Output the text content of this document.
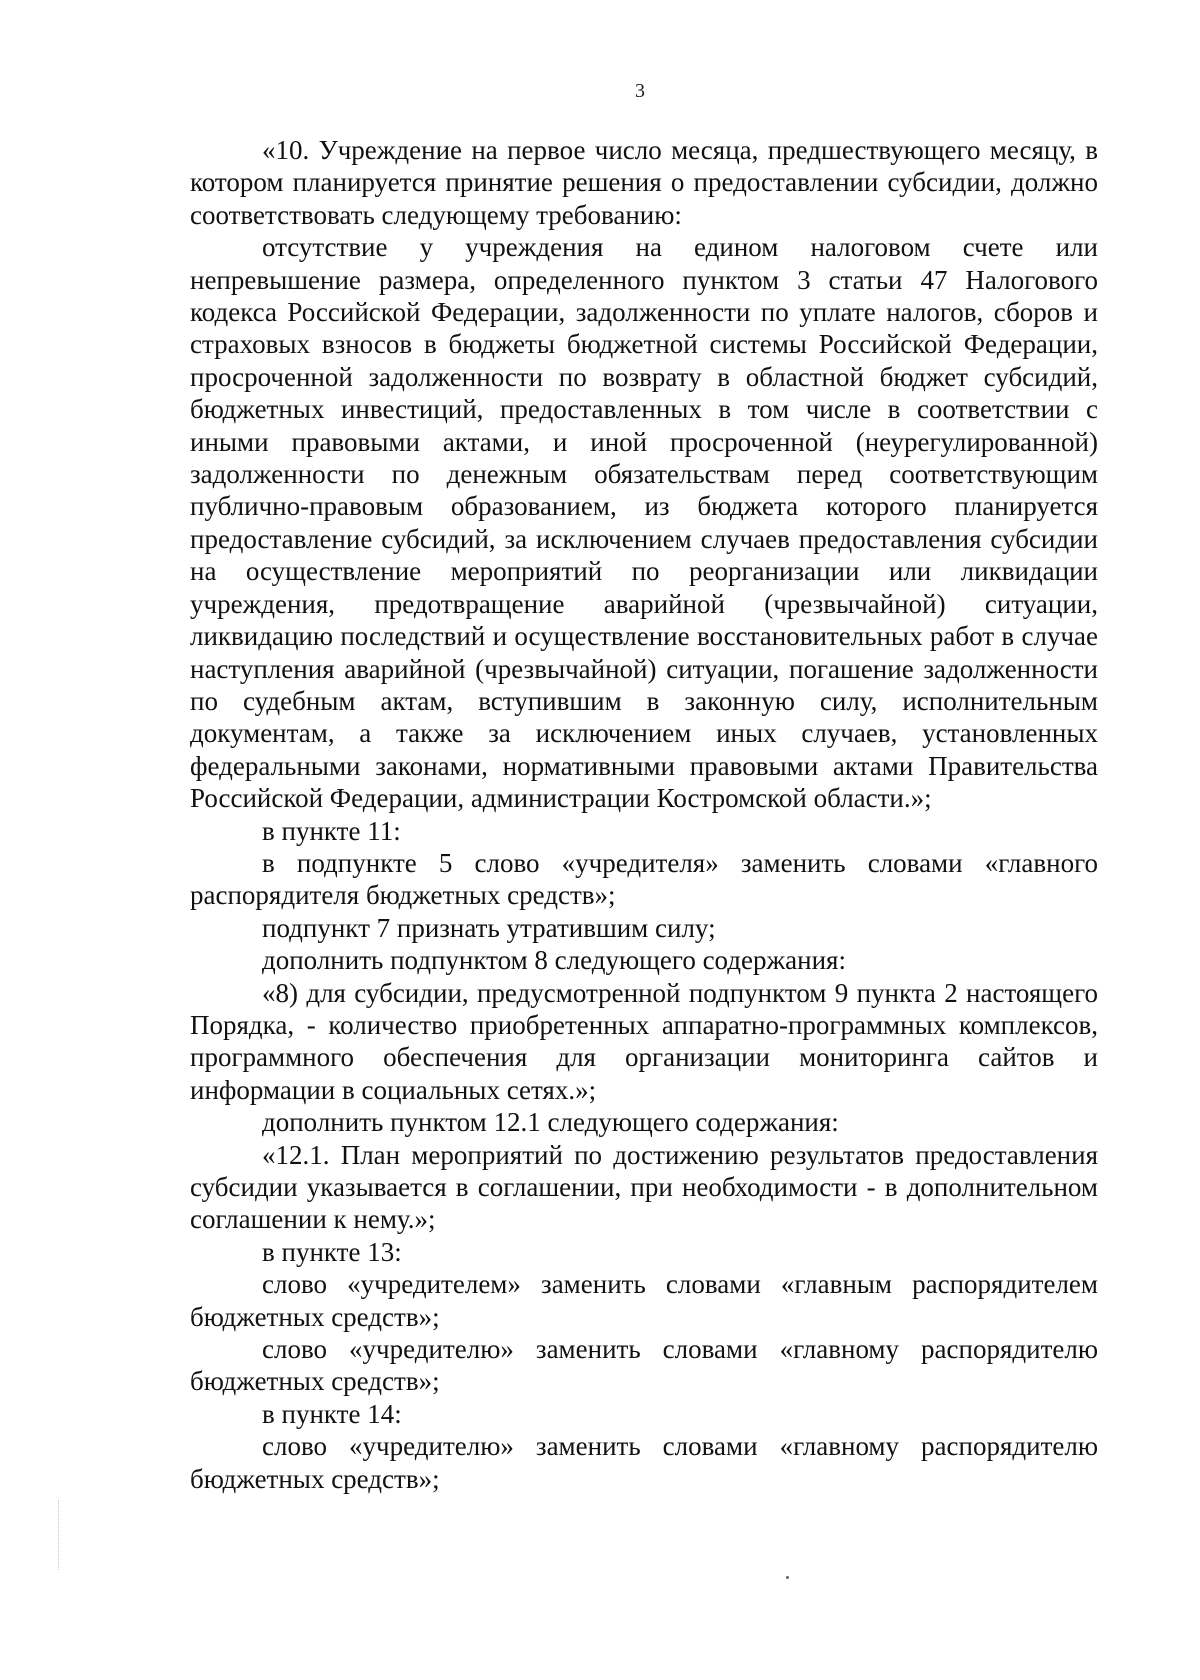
3

«10. Учреждение на первое число месяца, предшествующего месяцу, в котором планируется принятие решения о предоставлении субсидии, должно соответствовать следующему требованию:

отсутствие у учреждения на едином налоговом счете или непревышение размера, определенного пунктом 3 статьи 47 Налогового кодекса Российской Федерации, задолженности по уплате налогов, сборов и страховых взносов в бюджеты бюджетной системы Российской Федерации, просроченной задолженности по возврату в областной бюджет субсидий, бюджетных инвестиций, предоставленных в том числе в соответствии с иными правовыми актами, и иной просроченной (неурегулированной) задолженности по денежным обязательствам перед соответствующим публично-правовым образованием, из бюджета которого планируется предоставление субсидий, за исключением случаев предоставления субсидии на осуществление мероприятий по реорганизации или ликвидации учреждения, предотвращение аварийной (чрезвычайной) ситуации, ликвидацию последствий и осуществление восстановительных работ в случае наступления аварийной (чрезвычайной) ситуации, погашение задолженности по судебным актам, вступившим в законную силу, исполнительным документам, а также за исключением иных случаев, установленных федеральными законами, нормативными правовыми актами Правительства Российской Федерации, администрации Костромской области.»;

в пункте 11:

в подпункте 5 слово «учредителя» заменить словами «главного распорядителя бюджетных средств»;

подпункт 7 признать утратившим силу;

дополнить подпунктом 8 следующего содержания:

«8) для субсидии, предусмотренной подпунктом 9 пункта 2 настоящего Порядка, - количество приобретенных аппаратно-программных комплексов, программного обеспечения для организации мониторинга сайтов и информации в социальных сетях.»;

дополнить пунктом 12.1 следующего содержания:

«12.1. План мероприятий по достижению результатов предоставления субсидии указывается в соглашении, при необходимости - в дополнительном соглашении к нему.»;

в пункте 13:

слово «учредителем» заменить словами «главным распорядителем бюджетных средств»;

слово «учредителю» заменить словами «главному распорядителю бюджетных средств»;

в пункте 14:

слово «учредителю» заменить словами «главному распорядителю бюджетных средств»;
